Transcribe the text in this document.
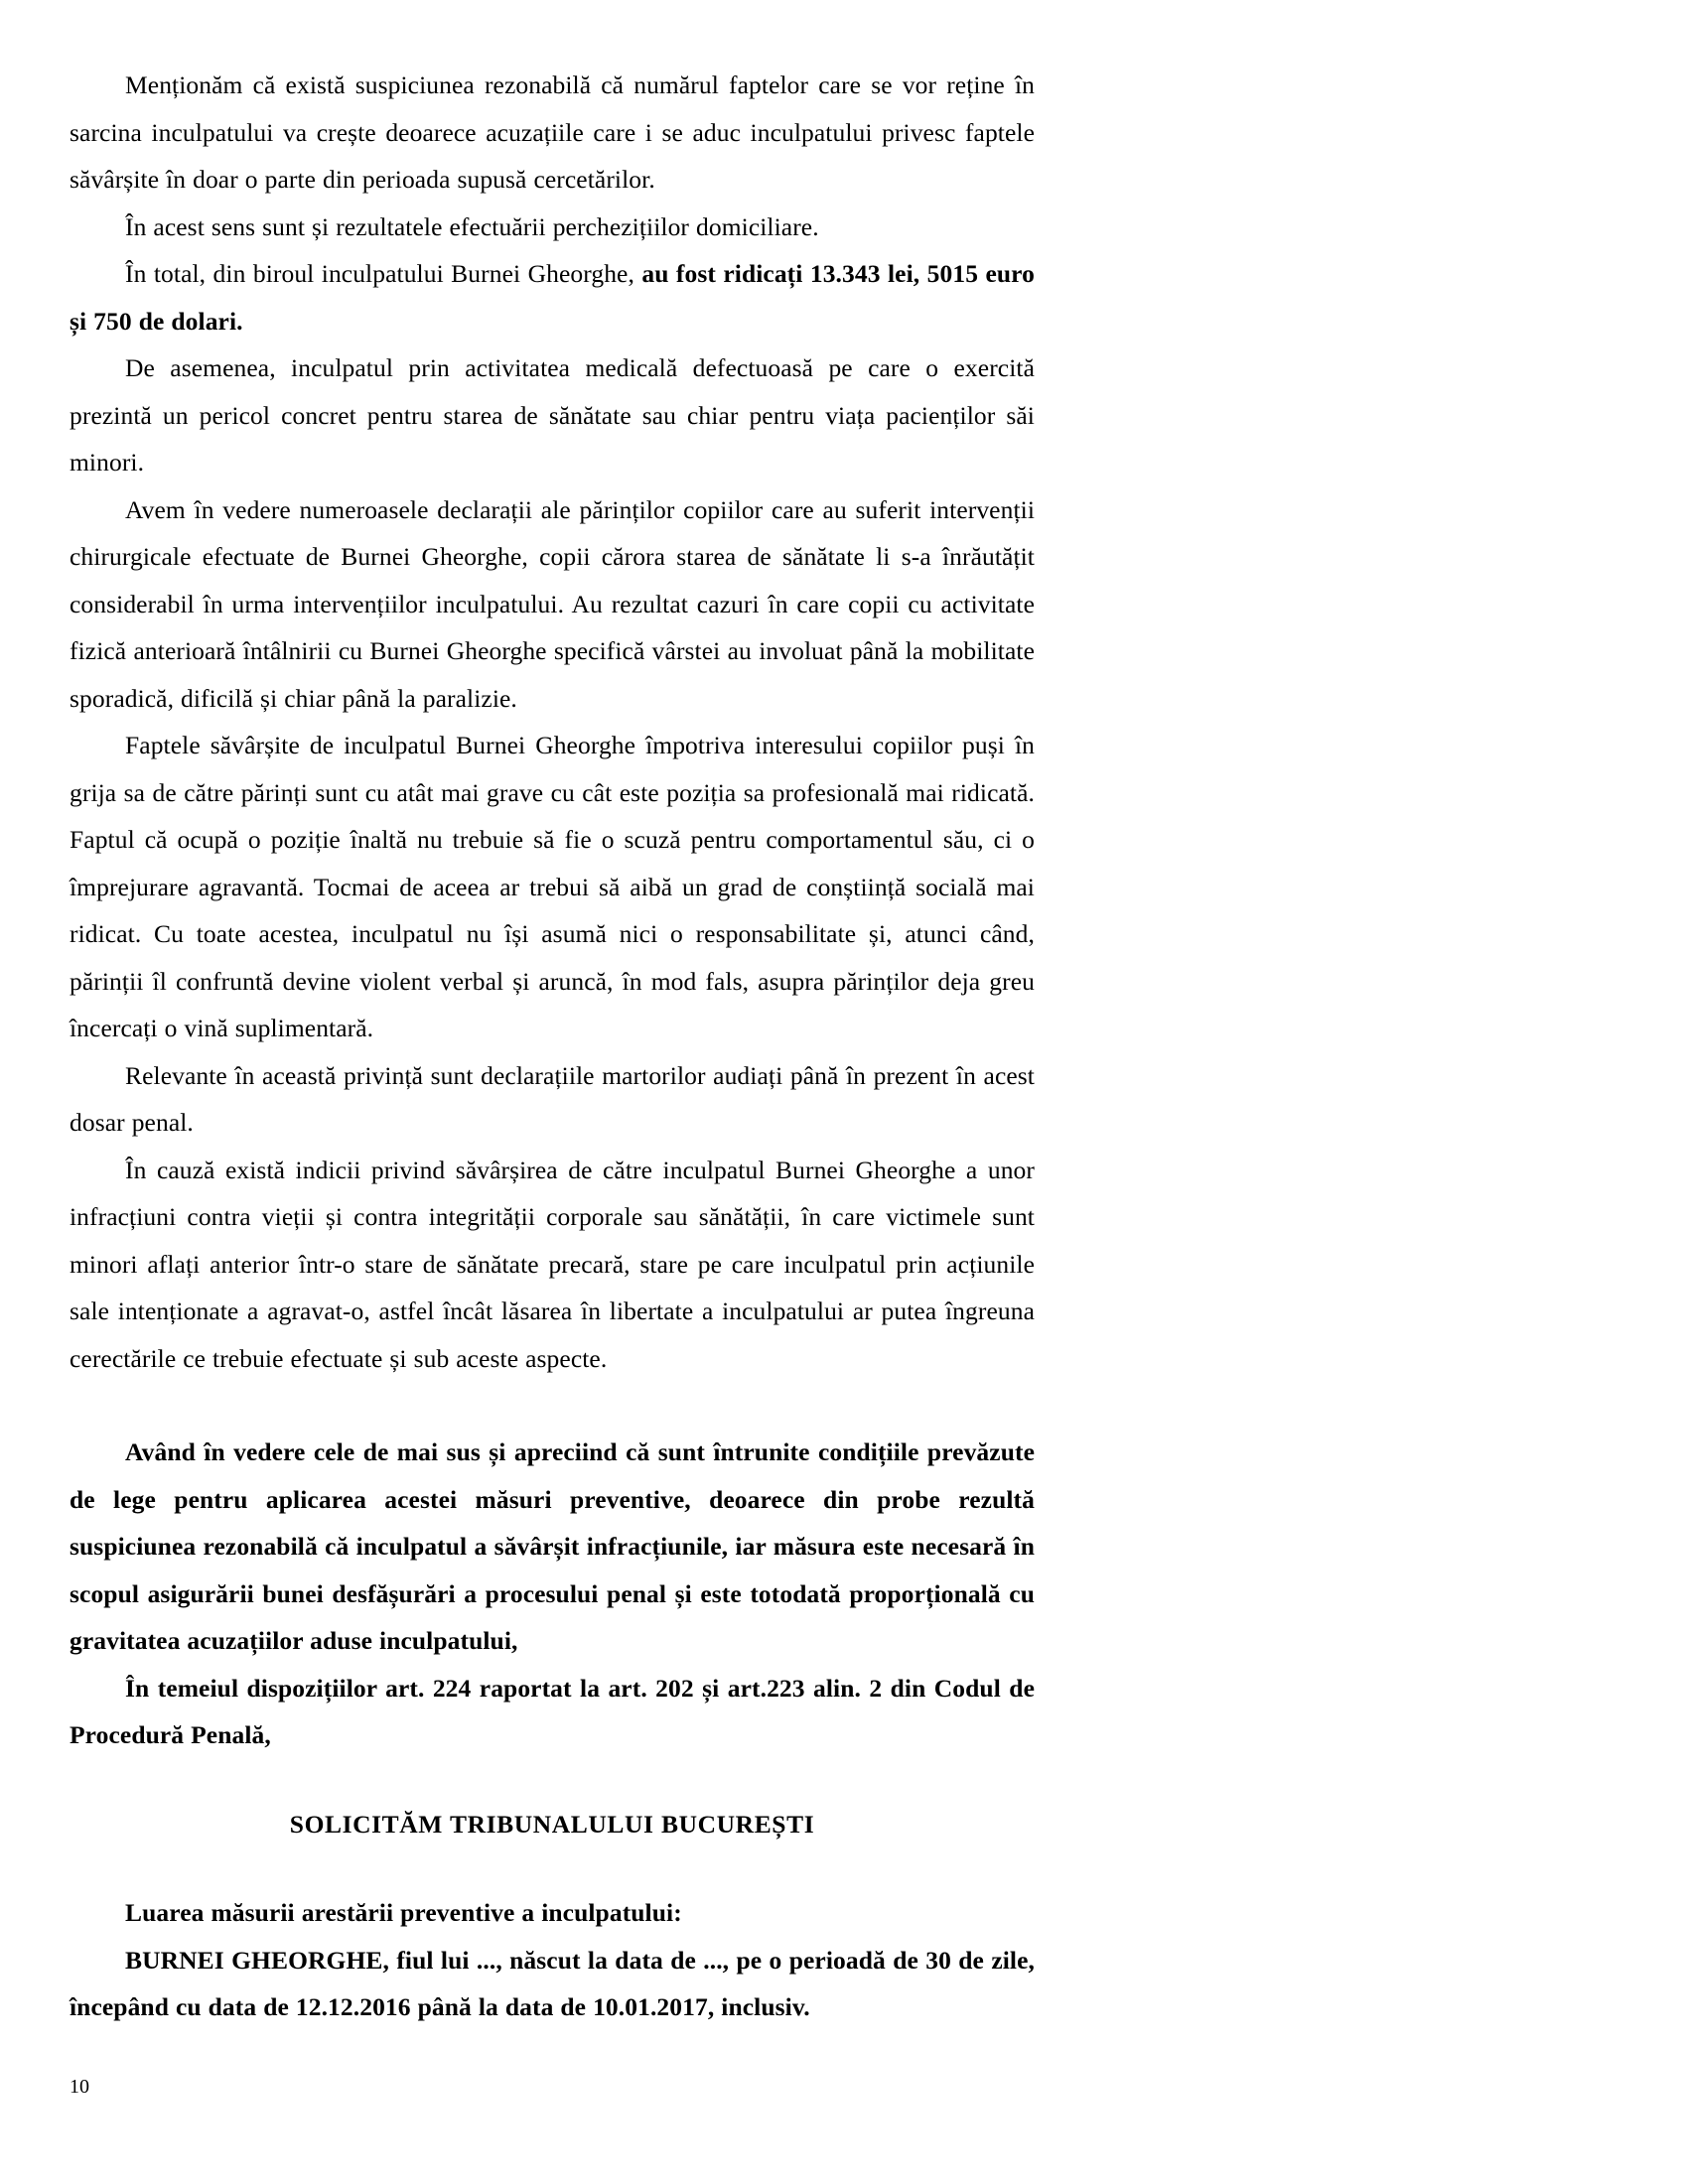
Menționăm că există suspiciunea rezonabilă că numărul faptelor care se vor reține în sarcina inculpatului va crește deoarece acuzațiile care i se aduc inculpatului privesc faptele săvârșite în doar o parte din perioada supusă cercetărilor.

În acest sens sunt și rezultatele efectuării perchezițiilor domiciliare.

În total, din biroul inculpatului Burnei Gheorghe, au fost ridicați 13.343 lei, 5015 euro și 750 de dolari.

De asemenea, inculpatul prin activitatea medicală defectuoasă pe care o exercită prezintă un pericol concret pentru starea de sănătate sau chiar pentru viața pacienților săi minori.

Avem în vedere numeroasele declarații ale părinților copiilor care au suferit intervenții chirurgicale efectuate de Burnei Gheorghe, copii cărora starea de sănătate li s-a înrăutățit considerabil în urma intervențiilor inculpatului. Au rezultat cazuri în care copii cu activitate fizică anterioară întâlnirii cu Burnei Gheorghe specifică vârstei au involuat până la mobilitate sporadică, dificilă și chiar până la paralizie.

Faptele săvârșite de inculpatul Burnei Gheorghe împotriva interesului copiilor puși în grija sa de către părinți sunt cu atât mai grave cu cât este poziția sa profesională mai ridicată. Faptul că ocupă o poziție înaltă nu trebuie să fie o scuză pentru comportamentul său, ci o împrejurare agravantă. Tocmai de aceea ar trebui să aibă un grad de conștiință socială mai ridicat. Cu toate acestea, inculpatul nu își asumă nici o responsabilitate și, atunci când, părinții îl confruntă devine violent verbal și aruncă, în mod fals, asupra părinților deja greu încercați o vină suplimentară.

Relevante în această privință sunt declarațiile martorilor audiați până în prezent în acest dosar penal.

În cauză există indicii privind săvârșirea de către inculpatul Burnei Gheorghe a unor infracțiuni contra vieții și contra integrității corporale sau sănătății, în care victimele sunt minori aflați anterior într-o stare de sănătate precară, stare pe care inculpatul prin acțiunile sale intenționate a agravat-o, astfel încât lăsarea în libertate a inculpatului ar putea îngreuna cerectările ce trebuie efectuate și sub aceste aspecte.

Având în vedere cele de mai sus și apreciind că sunt întrunite condițiile prevăzute de lege pentru aplicarea acestei măsuri preventive, deoarece din probe rezultă suspiciunea rezonabilă că inculpatul a săvârșit infracțiunile, iar măsura este necesară în scopul asigurării bunei desfășurări a procesului penal și este totodată proporțională cu gravitatea acuzațiilor aduse inculpatului,

În temeiul dispozițiilor art. 224 raportat la art. 202 și art.223 alin. 2 din Codul de Procedură Penală,

SOLICITĂM TRIBUNALULUI BUCUREȘTI

Luarea măsurii arestării preventive a inculpatului:

BURNEI GHEORGHE, fiul lui ..., născut la data de ..., pe o perioadă de 30 de zile, începând cu data de 12.12.2016 până la data de 10.01.2017, inclusiv.

10
